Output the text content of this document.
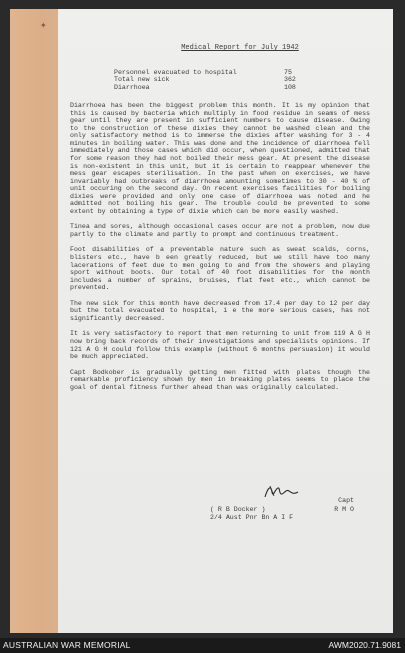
✦
Medical Report for July 1942
Personnel evacuated to hospital	75
Total new sick	362
Diarrhoea	108

Diarrhoea has been the biggest problem this month. It is my opinion that this is caused by bacteria which multiply in food residue in seams of mess gear until they are present in sufficient numbers to cause disease. Owing to the construction of these dixies they cannot be washed clean and the only satisfactory method is to immerse the dixies after washing for 3 - 4 minutes in boiling water. This was done and the incidence of diarrhoea fell immediately and those cases which did occur, when questioned, admitted that for some reason they had not boiled their mess gear. At present the disease is non-existent in this unit, but it is certain to reappear whenever the mess gear escapes sterilisation. In the past when on exercises, we have invariably had outbreaks of diarrhoea amounting sometimes to 30 - 40 % of unit occuring on the second day. On recent exercises facilities for boiling dixies were provided and only one case of diarrhoea was noted and he admitted not boiling his gear. The trouble could be prevented to some extent by obtaining a type of dixie which can be more easily washed.

Tinea and sores, although occasional cases occur are not a problem, now due partly to the climate and partly to prompt and continuous treatment.

Foot disabilities of a preventable nature such as sweat scalds, corns, blisters etc., have b een greatly reduced, but we still have too many lacerations of feet due to men going to and from the showers and playing sport without boots. Our total of 40 foot disabilities for the month includes a number of sprains, bruises, flat feet etc., which cannot be prevented.

The new sick for this month have decreased from 17.4 per day to 12 per day but the total evacuated to hospital, i e the more serious cases, has not significantly decreased.

It is very satisfactory to report that men returning to unit from 119 A G H now bring back records of their investigations and specialists opinions. If 121 A G H could follow this example (without 6 months persuasion) it would be much appreciated.

Capt Bodkober is gradually getting men fitted with plates though the remarkable proficiency shown by men in breaking plates seems to place the goal of dental fitness further ahead than was originally calculated.

Capt
( R B Docker )	R M O
2/4 Aust Pnr Bn A I F
AUSTRALIAN WAR MEMORIAL	AWM2020.71.9081
